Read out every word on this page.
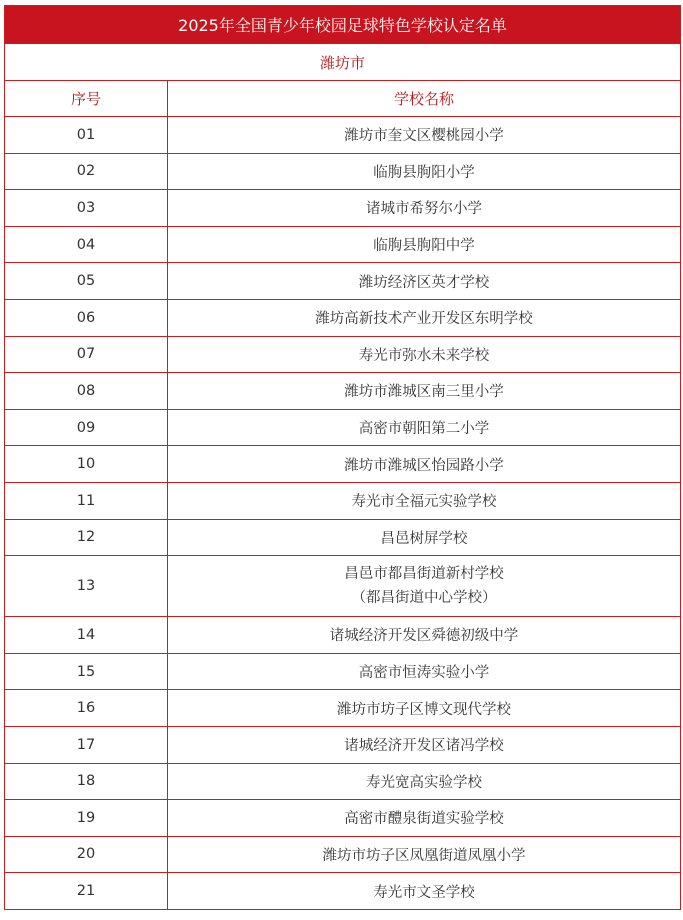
2025年全国青少年校园足球特色学校认定名单	
潍坊市	
序号	学校名称
01	潍坊市奎文区樱桃园小学

02	临朐县朐阳小学

03	诸城市希努尔小学

04	临朐县朐阳中学

05	潍坊经济区英才学校

06	潍坊高新技术产业开发区东明学校

07	寿光市弥水未来学校

08	潍坊市潍城区南三里小学

09	高密市朝阳第二小学

10	潍坊市潍城区怡园路小学

11	寿光市全福元实验学校

12	昌邑树屏学校

13	昌邑市都昌街道新村学校
（都昌街道中心学校）

14	诸城经济开发区舜德初级中学

15	高密市恒涛实验小学

16	潍坊市坊子区博文现代学校

17	诸城经济开发区诸冯学校

18	寿光宽高实验学校

19	高密市醴泉街道实验学校

20	潍坊市坊子区凤凰街道凤凰小学

21	寿光市文圣学校
